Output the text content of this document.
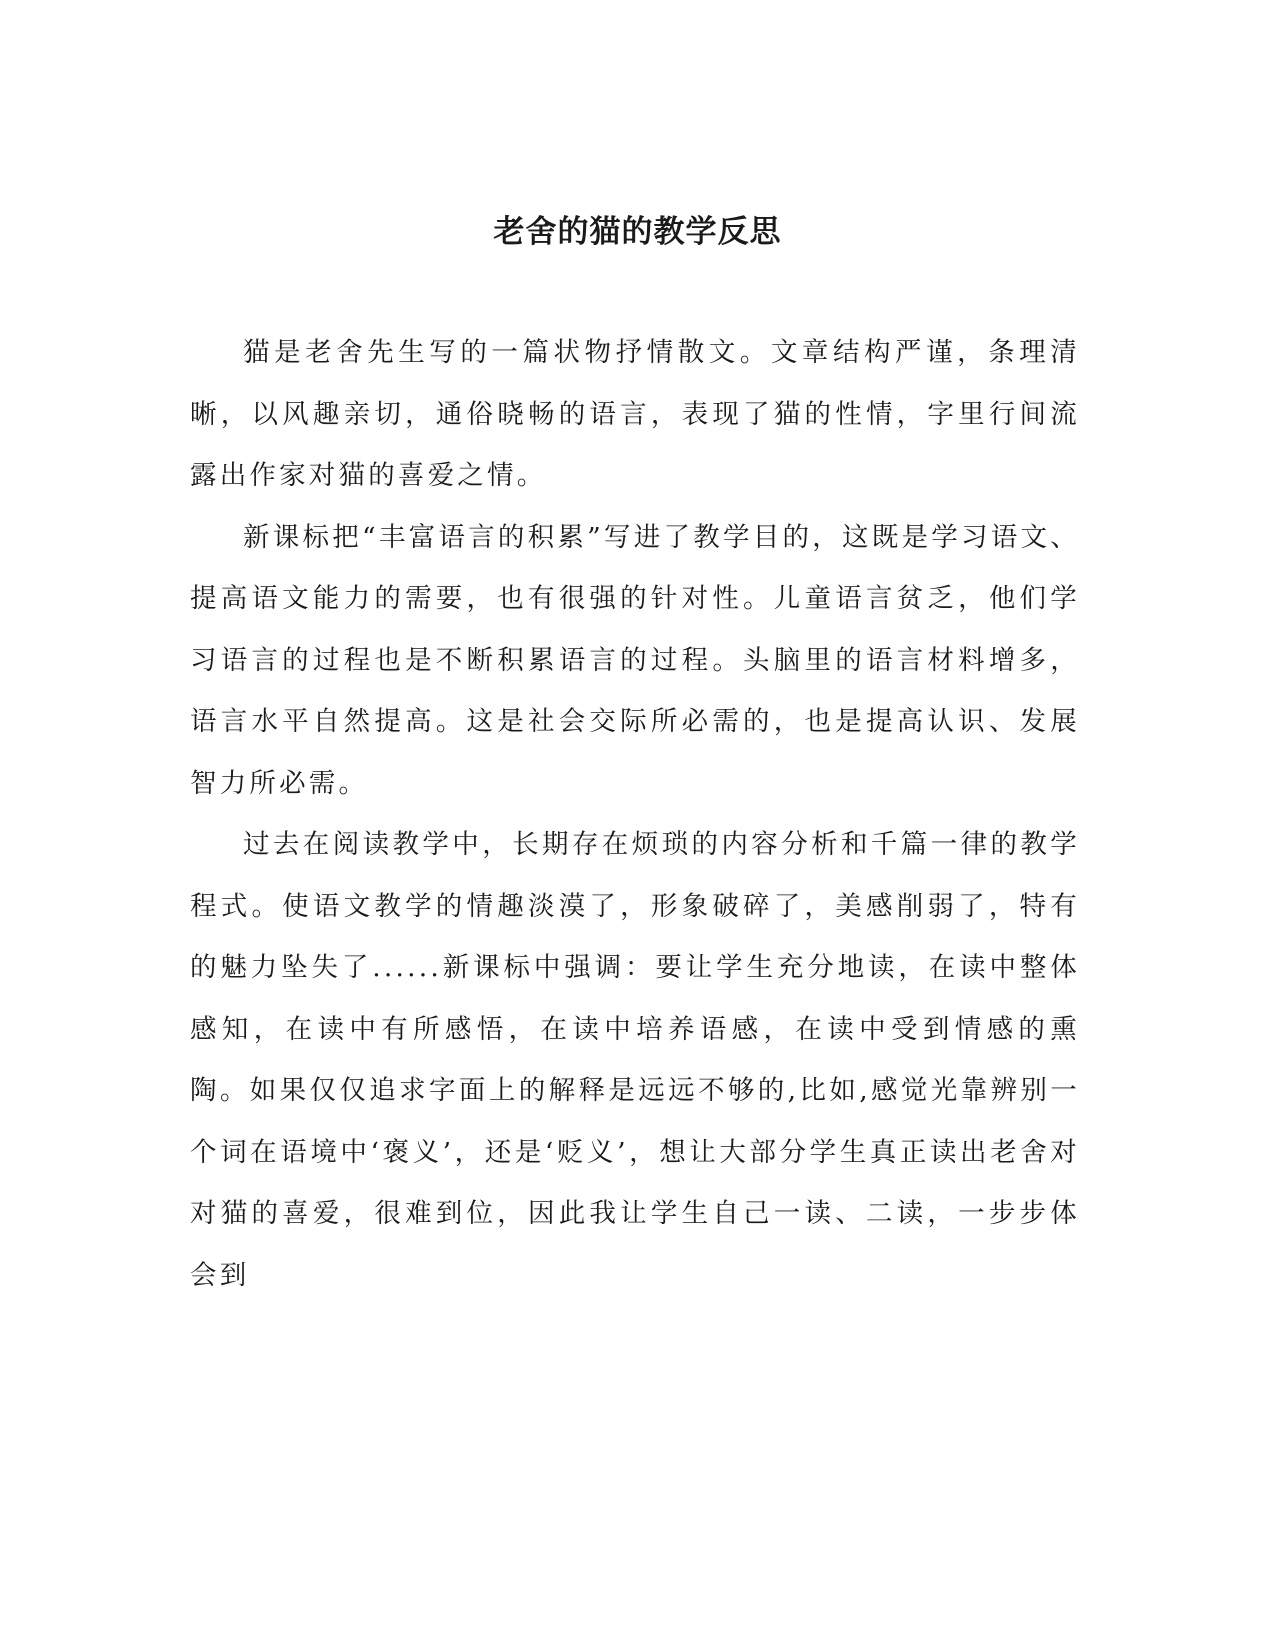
老舍的猫的教学反思

猫是老舍先生写的一篇状物抒情散文。文章结构严谨，条理清晰，以风趣亲切，通俗晓畅的语言，表现了猫的性情，字里行间流露出作家对猫的喜爱之情。

新课标把“丰富语言的积累”写进了教学目的，这既是学习语文、提高语文能力的需要，也有很强的针对性。儿童语言贫乏，他们学习语言的过程也是不断积累语言的过程。头脑里的语言材料增多，语言水平自然提高。这是社会交际所必需的，也是提高认识、发展智力所必需。

过去在阅读教学中，长期存在烦琐的内容分析和千篇一律的教学程式。使语文教学的情趣淡漠了，形象破碎了，美感削弱了，特有的魅力坠失了......新课标中强调：要让学生充分地读，在读中整体感知，在读中有所感悟，在读中培养语感，在读中受到情感的熏陶。如果仅仅追求字面上的解释是远远不够的,比如,感觉光靠辨别一个词在语境中‘褒义’，还是‘贬义’，想让大部分学生真正读出老舍对对猫的喜爱，很难到位，因此我让学生自己一读、二读，一步步体会到
